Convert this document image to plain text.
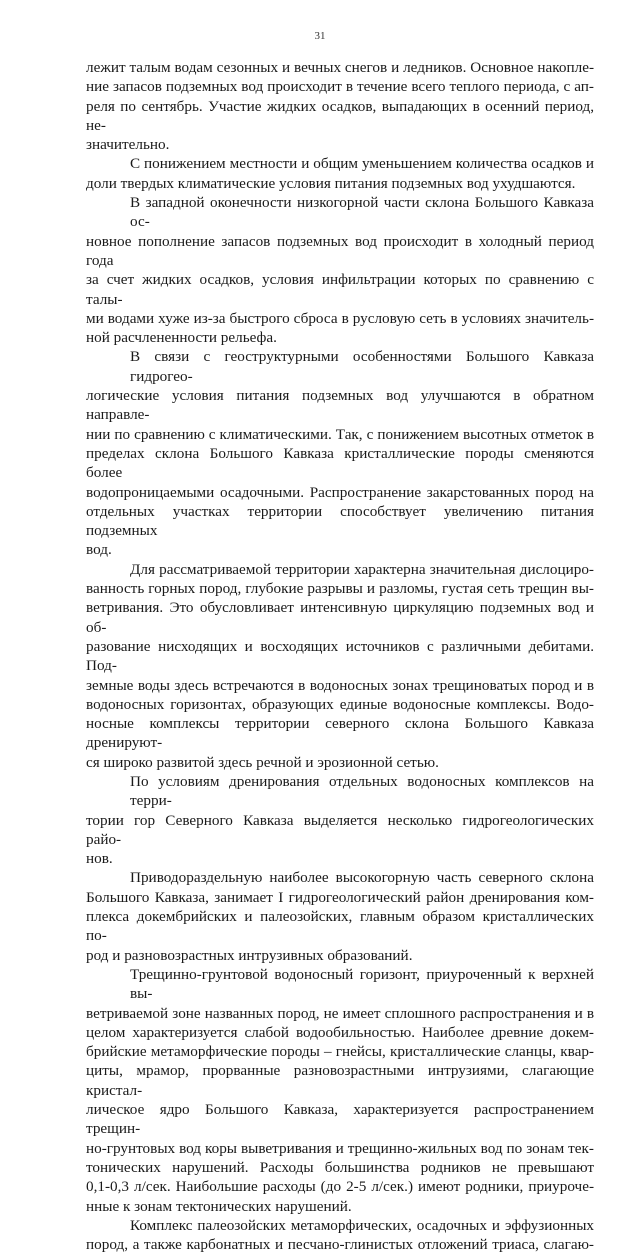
31

лежит талым водам сезонных и вечных снегов и ледников. Основное накопле-
ние запасов подземных вод происходит в течение всего теплого периода, с ап-
реля по сентябрь. Участие жидких осадков, выпадающих в осенний период, не-
значительно.

С понижением местности и общим уменьшением количества осадков и
доли твердых климатические условия питания подземных вод ухудшаются.

В западной оконечности низкогорной части склона Большого Кавказа ос-
новное пополнение запасов подземных вод происходит в холодный период года
за счет жидких осадков, условия инфильтрации которых по сравнению с талы-
ми водами хуже из-за быстрого сброса в русловую сеть в условиях значитель-
ной расчлененности рельефа.

В связи с геоструктурными особенностями Большого Кавказа гидрогео-
логические условия питания подземных вод улучшаются в обратном направле-
нии по сравнению с климатическими. Так, с понижением высотных отметок в
пределах склона Большого Кавказа кристаллические породы сменяются более
водопроницаемыми осадочными. Распространение закарстованных пород на
отдельных участках территории способствует увеличению питания подземных
вод.

Для рассматриваемой территории характерна значительная дислоциро-
ванность горных пород, глубокие разрывы и разломы, густая сеть трещин вы-
ветривания. Это обусловливает интенсивную циркуляцию подземных вод и об-
разование нисходящих и восходящих источников с различными дебитами. Под-
земные воды здесь встречаются в водоносных зонах трещиноватых пород и в
водоносных горизонтах, образующих единые водоносные комплексы. Водо-
носные комплексы территории северного склона Большого Кавказа дренируют-
ся широко развитой здесь речной и эрозионной сетью.

По условиям дренирования отдельных водоносных комплексов на терри-
тории гор Северного Кавказа выделяется несколько гидрогеологических райо-
нов.

Приводораздельную наиболее высокогорную часть северного склона
Большого Кавказа, занимает I гидрогеологический район дренирования ком-
плекса докембрийских и палеозойских, главным образом кристаллических по-
род и разновозрастных интрузивных образований.

Трещинно-грунтовой водоносный горизонт, приуроченный к верхней вы-
ветриваемой зоне названных пород, не имеет сплошного распространения и в
целом характеризуется слабой водообильностью. Наиболее древние докем-
брийские метаморфические породы – гнейсы, кристаллические сланцы, квар-
циты, мрамор, прорванные разновозрастными интрузиями, слагающие кристал-
лическое ядро Большого Кавказа, характеризуется распространением трещин-
но-грунтовых вод коры выветривания и трещинно-жильных вод по зонам тек-
тонических нарушений. Расходы большинства родников не превышают
0,1-0,3 л/сек. Наибольшие расходы (до 2-5 л/сек.) имеют родники, приуроче-
нные к зонам тектонических нарушений.

Комплекс палеозойских метаморфических, осадочных и эффузионных
пород, а также карбонатных и песчано-глинистых отложений триаса, слагаю-
